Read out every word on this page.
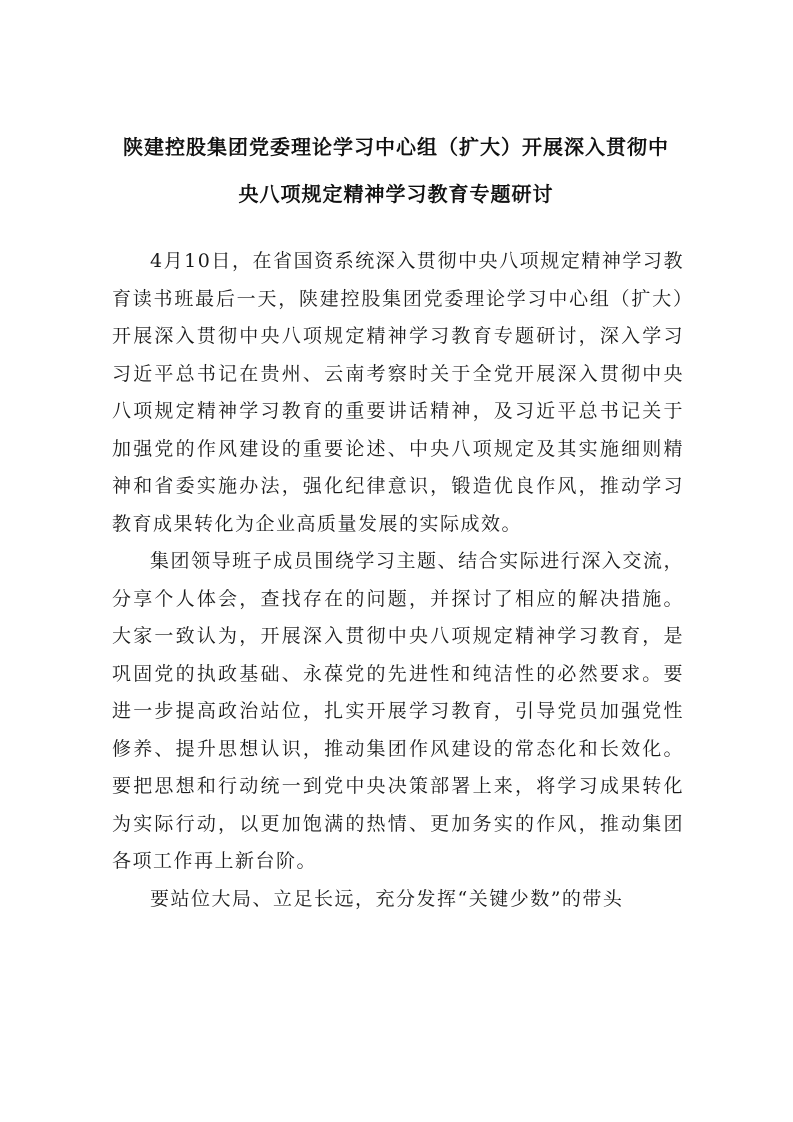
陕建控股集团党委理论学习中心组（扩大）开展深入贯彻中
央八项规定精神学习教育专题研讨

4月10日，在省国资系统深入贯彻中央八项规定精神学习教育读书班最后一天，陕建控股集团党委理论学习中心组（扩大）开展深入贯彻中央八项规定精神学习教育专题研讨，深入学习习近平总书记在贵州、云南考察时关于全党开展深入贯彻中央八项规定精神学习教育的重要讲话精神，及习近平总书记关于加强党的作风建设的重要论述、中央八项规定及其实施细则精神和省委实施办法，强化纪律意识，锻造优良作风，推动学习教育成果转化为企业高质量发展的实际成效。

集团领导班子成员围绕学习主题、结合实际进行深入交流，分享个人体会，查找存在的问题，并探讨了相应的解决措施。大家一致认为，开展深入贯彻中央八项规定精神学习教育，是巩固党的执政基础、永葆党的先进性和纯洁性的必然要求。要进一步提高政治站位，扎实开展学习教育，引导党员加强党性修养、提升思想认识，推动集团作风建设的常态化和长效化。要把思想和行动统一到党中央决策部署上来，将学习成果转化为实际行动，以更加饱满的热情、更加务实的作风，推动集团各项工作再上新台阶。

要站位大局、立足长远，充分发挥“关键少数”的带头
